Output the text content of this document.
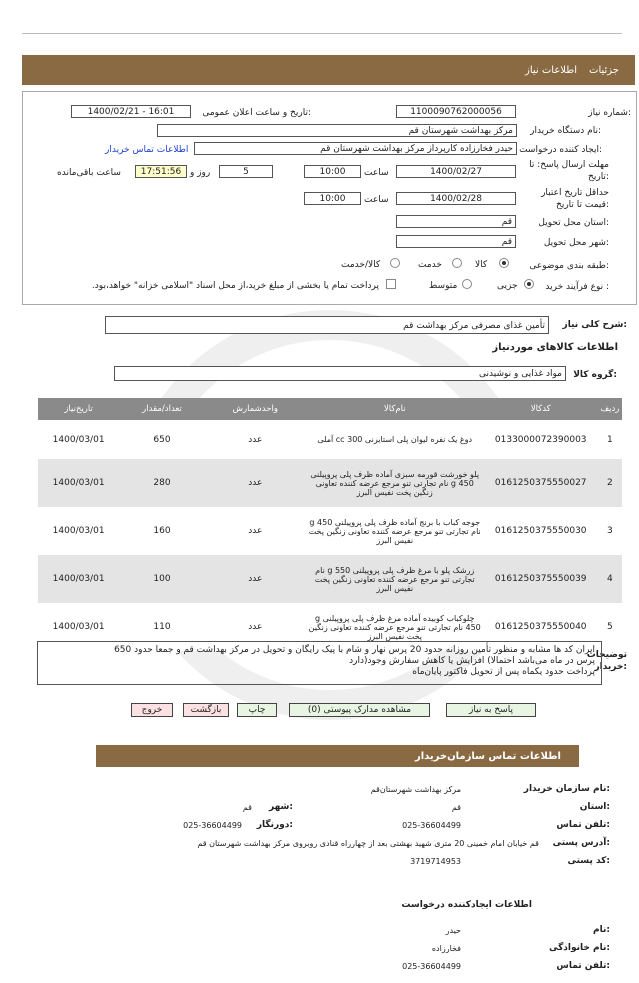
جزئیات
اطلاعات نیاز
شماره نیاز:
1100090762000056
تاریخ و ساعت اعلان عمومی:
1400/02/21 - 16:01
نام دستگاه خریدار:
مرکز بهداشت شهرستان قم
ایجاد کننده درخواست:
حیدر فخارزاده کارپرداز مرکز بهداشت شهرستان قم
اطلاعات تماس خریدار
مهلت ارسال پاسخ: تا
تاریخ:
1400/02/27
ساعت
10:00
5
روز و
17:51:56
ساعت باقی‌مانده
حداقل تاریخ اعتبار
قیمت تا تاریخ:
1400/02/28
ساعت
10:00
استان محل تحویل:
قم
شهر محل تحویل:
قم
طبقه بندی موضوعی:
کالا
خدمت
کالا/خدمت
نوع فرآیند خرید :
جزیی
متوسط
پرداخت تمام یا بخشی از مبلغ خرید،از محل اسناد "اسلامی خزانه" خواهد،بود.
شرح کلی نیاز:
تأمین غذای مصرفی مرکز بهداشت قم
اطلاعات کالاهای موردنیاز
گروه کالا:
مواد غذایی و نوشیدنی
تاریخ‌نیاز	تعداد/مقدار	واحدشمارش	نام‌کالا	کدکالا	ردیف
1400/03/01	650	عدد	دوغ یک نفره لیوان پلی استایرنی 300 cc آملی	0133000072390003	1
1400/03/01	280	عدد	پلو خورشت قورمه سبزی آماده ظرف پلی پروپیلنی g 450 نام تجارتی تنو مرجع عرضه کننده تعاونی زنگین پخت نفیس البرز	0161250375550027	2
1400/03/01	160	عدد	جوجه کباب با برنج آماده ظرف پلی پروپیلنی g 450 نام تجارتی تنو مرجع عرضه کننده تعاونی زنگین پخت نفیس البرز	0161250375550030	3
1400/03/01	100	عدد	زرشک پلو با مرغ ظرف پلی پروپیلنی g 550 نام تجارتی تنو مرجع عرضه کننده تعاونی زنگین پخت نفیس البرز	0161250375550039	4
1400/03/01	110	عدد	چلوکباب کوبیده آماده مرغ ظرف پلی پروپیلنی g 450 نام تجارتی تنو مرجع عرضه کننده تعاونی زنگین پخت نفیس البرز	0161250375550040	5
توضیحات
خریدار:
ایران کد ها مشابه و منظور تأمین روزانه حدود 20 پرس نهار و شام با پیک رایگان و تحویل در مرکز بهداشت قم و جمعا حدود 650
پرس در ماه می‌باشد احتمالا) افزایش یا کاهش سفارش وجود(دارد
پرداخت حدود یکماه پس از تحویل فاکتور پایان‌ماه
پاسخ به نیاز
مشاهده مدارک پیوستی (0)
چاپ
بازگشت
خروج
اطلاعات تماس سازمان‌خریدار
نام سازمان خریدار:
مرکز بهداشت شهرستان‌قم
استان:
قم
شهر:
قم
تلفن تماس:
025-36604499
دورنگار:
025-36604499
آدرس پستی:
قم خیابان امام خمینی 20 متری شهید بهشتی بعد از چهارراه قنادی روبروی مرکز بهداشت شهرستان قم
کد پستی:
3719714953
اطلاعات ایجادکننده درخواست
نام:
حیدر
نام خانوادگی:
فخارزاده
تلفن تماس:
025-36604499
